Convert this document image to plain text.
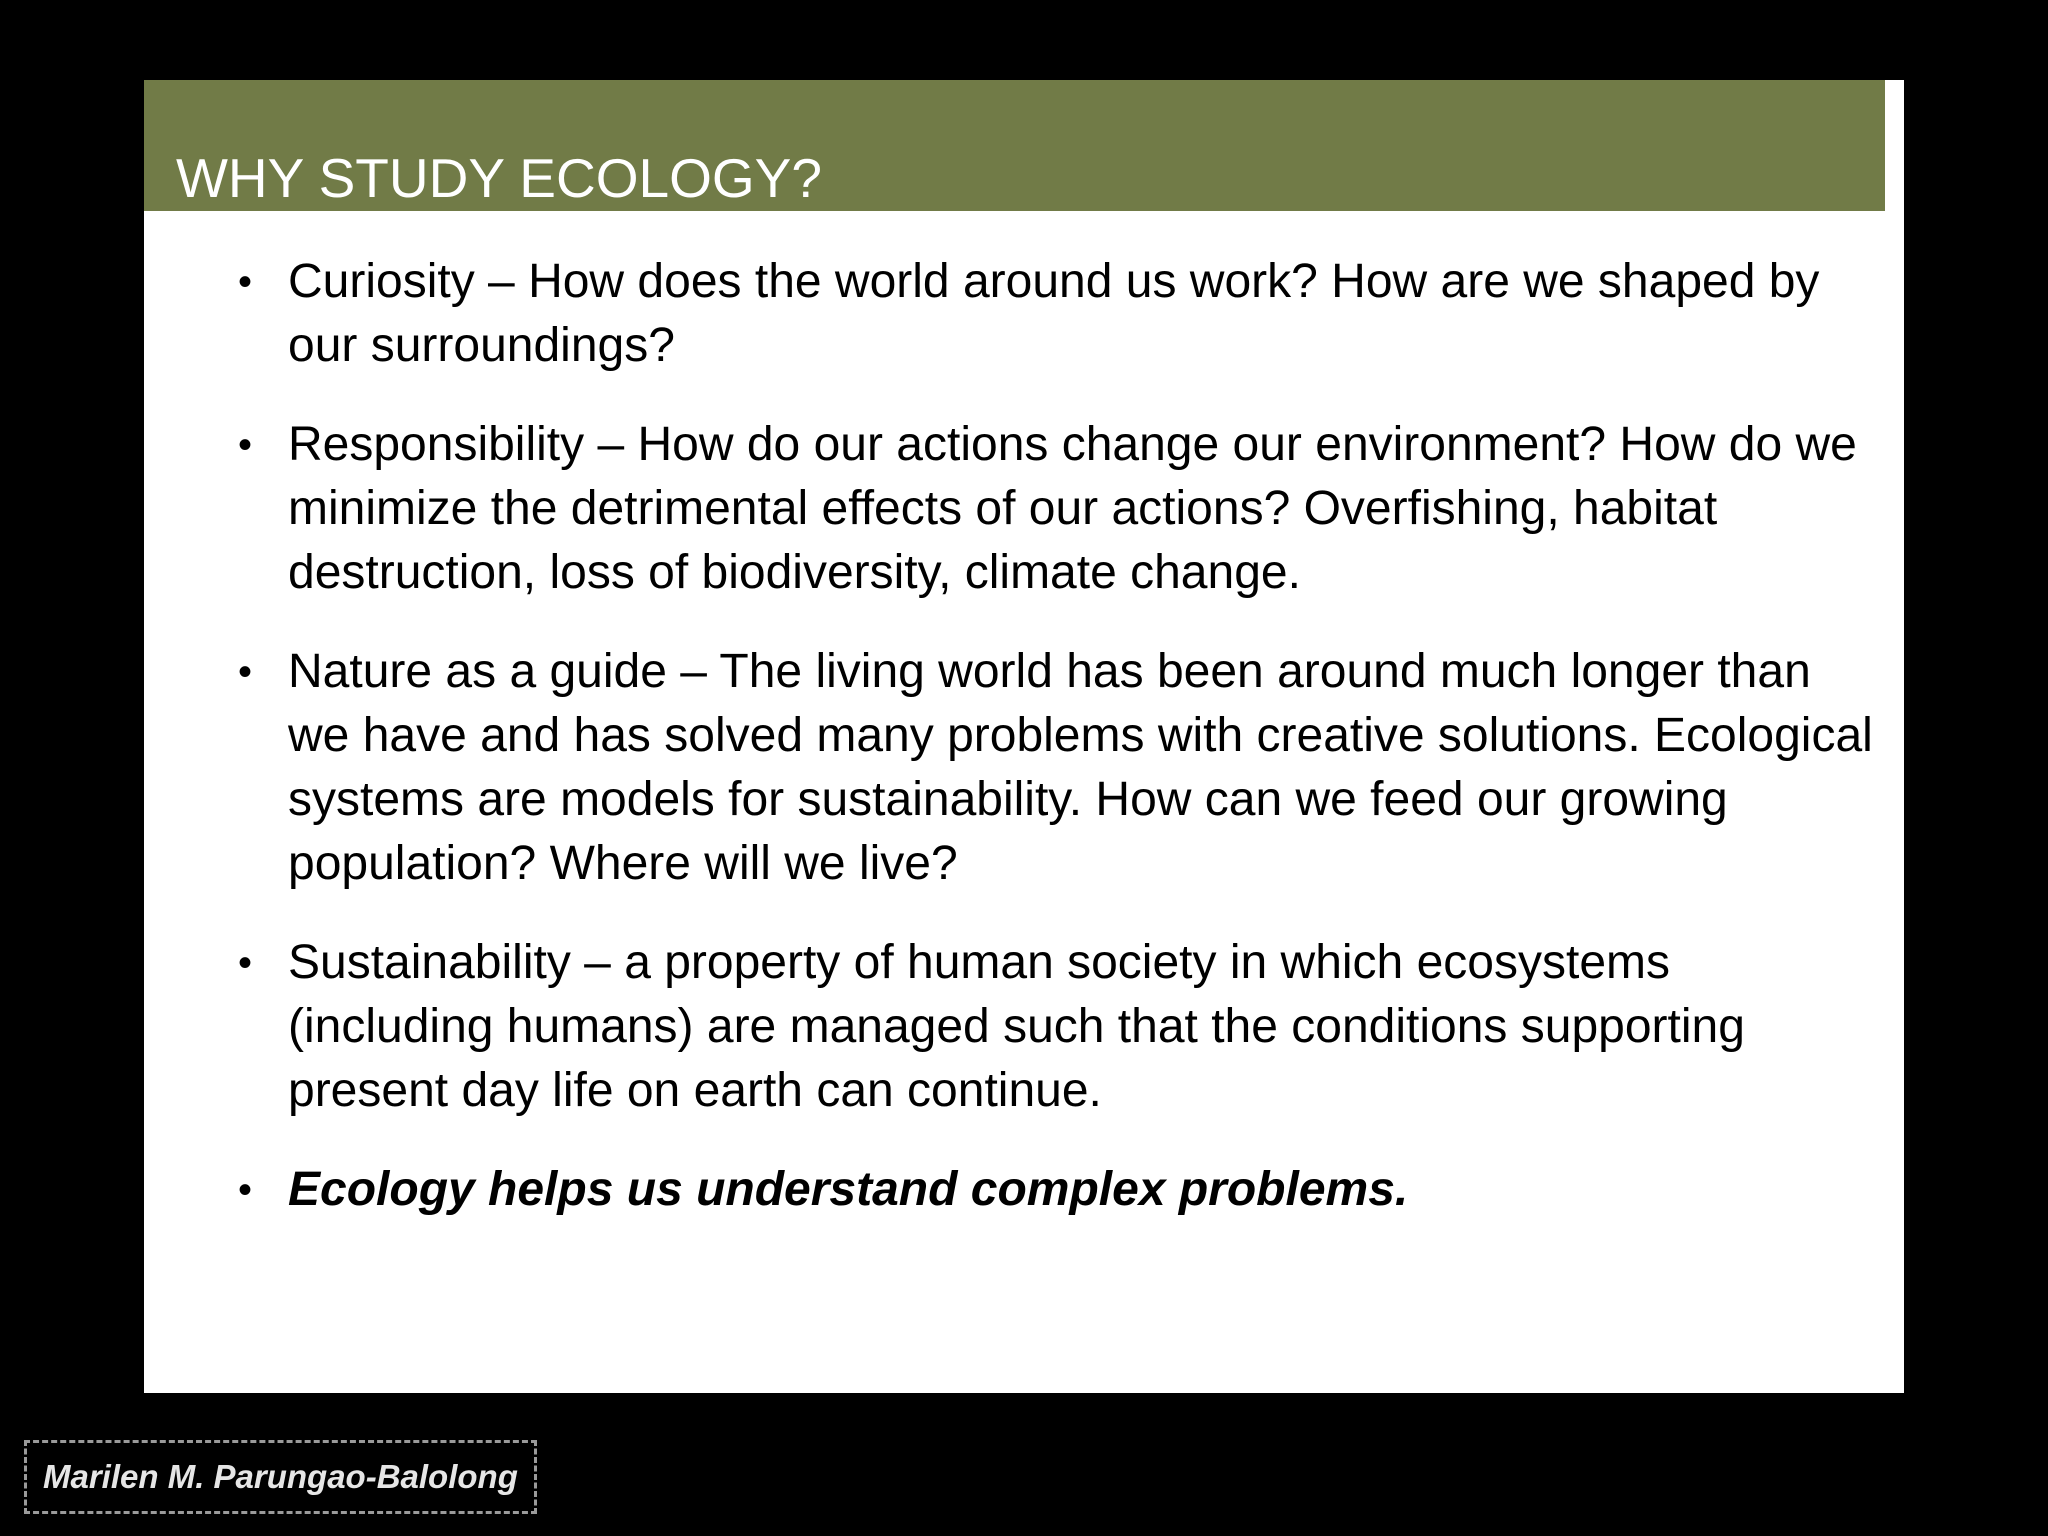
WHY STUDY ECOLOGY?
• Curiosity – How does the world around us work? How are we shaped by our surroundings?
• Responsibility – How do our actions change our environment? How do we minimize the detrimental effects of our actions? Overfishing, habitat destruction, loss of biodiversity, climate change.
• Nature as a guide – The living world has been around much longer than we have and has solved many problems with creative solutions. Ecological systems are models for sustainability. How can we feed our growing population? Where will we live?
• Sustainability – a property of human society in which ecosystems (including humans) are managed such that the conditions supporting present day life on earth can continue.
• Ecology helps us understand complex problems.
Marilen M. Parungao-Balolong
